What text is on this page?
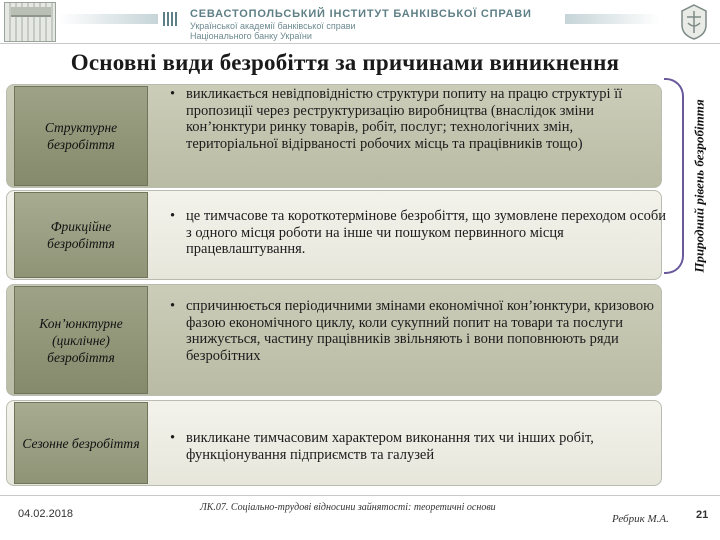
СЕВАСТОПОЛЬСЬКИЙ ІНСТИТУТ БАНКІВСЬКОЇ СПРАВИ
Української академії банківської справи
Національного банку України
Основні види безробіття за причинами виникнення
Структурне безробіття
• викликається невідповідністю структури попиту на працю структурі її пропозиції через реструктуризацію виробництва (внаслідок зміни кон’юнктури ринку товарів, робіт, послуг; технологічних змін, територіальної відірваності робочих місць та працівників тощо)
Фрикційне безробіття
• це тимчасове та короткотермінове безробіття, що зумовлене переходом особи з одного місця роботи на інше чи пошуком первинного місця працевлаштування.
Кон’юнктурне (циклічне) безробіття
• спричинюється періодичними змінами економічної кон’юнктури, кризовою фазою економічного циклу, коли сукупний попит на товари та послуги знижується, частину працівників звільняють і вони поповнюють ряди безробітних
Сезонне безробіття • викликане тимчасовим характером виконання тих чи інших робіт, функціонування підприємств та галузей
Природний рівень безробіття
04.02.2018
ЛК.07. Соціально-трудові відносини зайнятості: теоретичні основи
Ребрик М.А. 21
